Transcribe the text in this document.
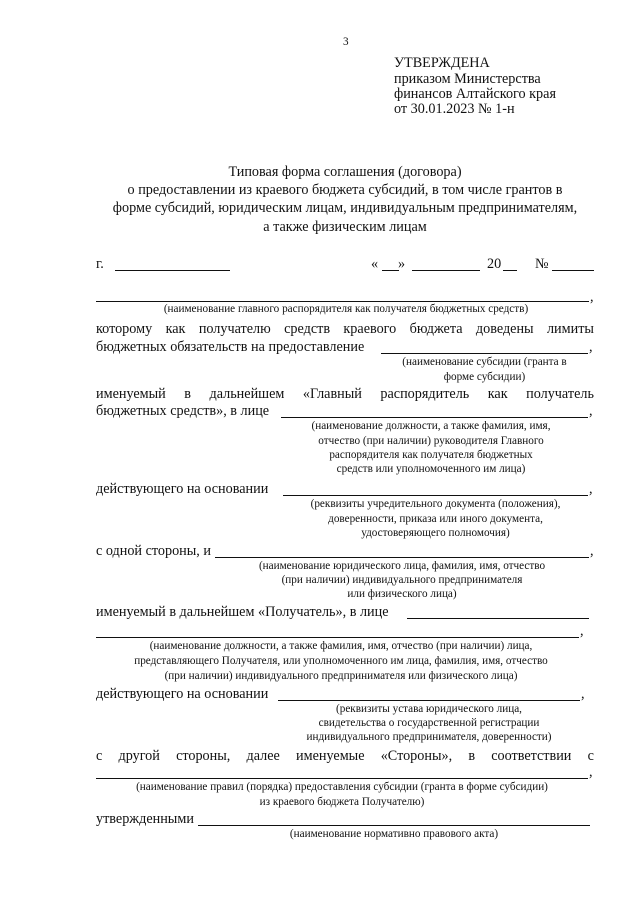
3
УТВЕРЖДЕНА
приказом Министерства
финансов Алтайского края
от 30.01.2023 № 1-н
Типовая форма соглашения (договора)
о предоставлении из краевого бюджета субсидий, в том числе грантов в
форме субсидий, юридическим лицам, индивидуальным предпринимателям,
а также физическим лицам
г.	« »	20 №
,
(наименование главного распорядителя как получателя бюджетных средств)
которому как получателю средств краевого бюджета доведены лимиты
бюджетных обязательств на предоставление	,
(наименование субсидии (гранта в
форме субсидии)
именуемый в дальнейшем «Главный распорядитель как получатель
бюджетных средств», в лице	,
(наименование должности, а также фамилия, имя,
отчество (при наличии) руководителя Главного
распорядителя как получателя бюджетных
средств или уполномоченного им лица)
действующего на основании	,
(реквизиты учредительного документа (положения),
доверенности, приказа или иного документа,
удостоверяющего полномочия)
с одной стороны, и	,
(наименование юридического лица, фамилия, имя, отчество
(при наличии) индивидуального предпринимателя
или физического лица)
именуемый в дальнейшем «Получатель», в лице
,
(наименование должности, а также фамилия, имя, отчество (при наличии) лица,
представляющего Получателя, или уполномоченного им лица, фамилия, имя, отчество
(при наличии) индивидуального предпринимателя или физического лица)
действующего на основании	,
(реквизиты устава юридического лица,
свидетельства о государственной регистрации
индивидуального предпринимателя, доверенности)
с другой стороны, далее именуемые «Стороны», в соответствии с
,
(наименование правил (порядка) предоставления субсидии (гранта в форме субсидии)
из краевого бюджета Получателю)
утвержденными
(наименование нормативно правового акта)
